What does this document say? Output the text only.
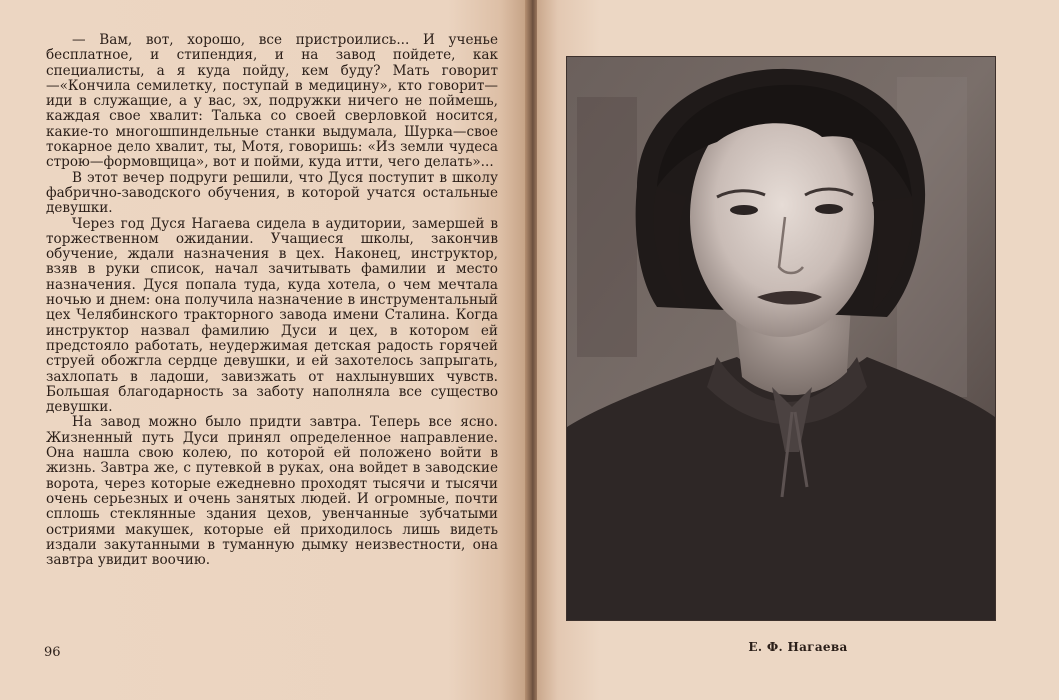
— Вам, вот, хорошо, все пристроились... И ученье бесплатное, и стипендия, и на завод пойдете, как специалисты, а я куда пойду, кем буду? Мать говорит—«Кончила семилетку, поступай в медицину», кто говорит—иди в служащие, а у вас, эх, подружки ничего не поймешь, каждая свое хвалит: Талька со своей сверловкой носится, какие-то многошпиндельные станки выдумала, Шурка—свое токарное дело хвалит, ты, Мотя, говоришь: «Из земли чудеса строю—формовщица», вот и пойми, куда итти, чего делать»...

В этот вечер подруги решили, что Дуся поступит в школу фабрично-заводского обучения, в которой учатся остальные девушки.

Через год Дуся Нагаева сидела в аудитории, замершей в торжественном ожидании. Учащиеся школы, закончив обучение, ждали назначения в цех. Наконец, инструктор, взяв в руки список, начал зачитывать фамилии и место назначения. Дуся попала туда, куда хотела, о чем мечтала ночью и днем: она получила назначение в инструментальный цех Челябинского тракторного завода имени Сталина. Когда инструктор назвал фамилию Дуси и цех, в котором ей предстояло работать, неудержимая детская радость горячей струей обожгла сердце девушки, и ей захотелось запрыгать, захлопать в ладоши, завизжать от нахлынувших чувств. Большая благодарность за заботу наполняла все существо девушки.

На завод можно было придти завтра. Теперь все ясно. Жизненный путь Дуси принял определенное направление. Она нашла свою колею, по которой ей положено войти в жизнь. Завтра же, с путевкой в руках, она войдет в заводские ворота, через которые ежедневно проходят тысячи и тысячи очень серьезных и очень занятых людей. И огромные, почти сплошь стеклянные здания цехов, увенчанные зубчатыми остриями макушек, которые ей приходилось лишь видеть издали закутанными в туманную дымку неизвестности, она завтра увидит воочию.

96	Е. Ф. Нагаева
